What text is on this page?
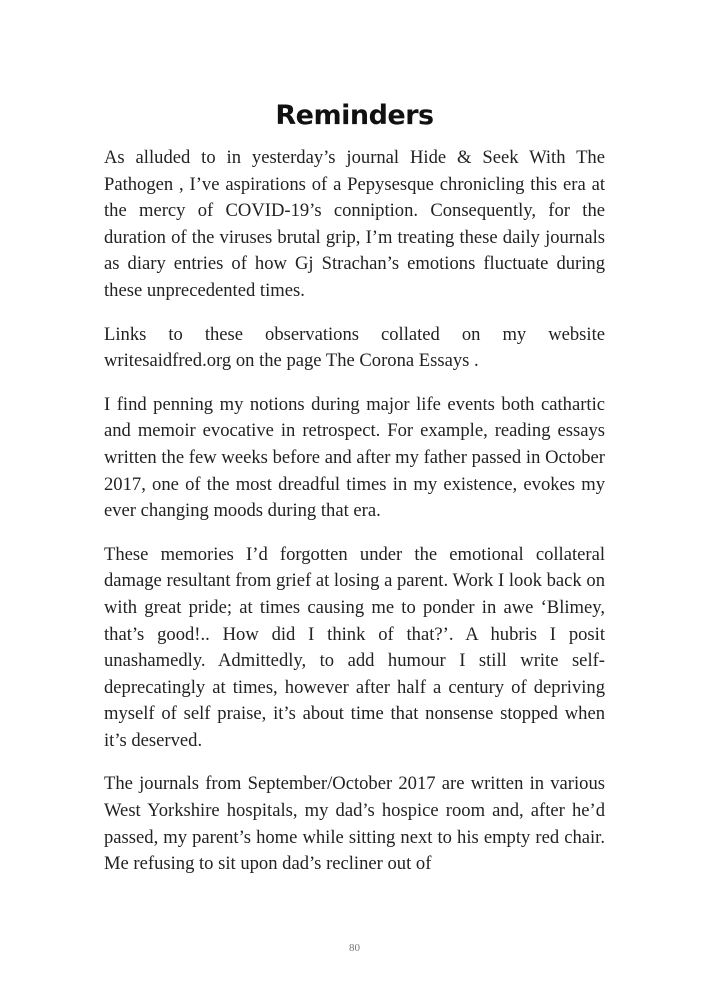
Reminders

As alluded to in yesterday’s journal Hide & Seek With The Pathogen , I’ve aspirations of a Pepysesque chronicling this era at the mercy of COVID-19’s conniption. Consequently, for the duration of the viruses brutal grip, I’m treating these daily journals as diary entries of how Gj Strachan’s emotions fluctuate during these unprecedented times.

Links to these observations collated on my website writesaidfred.org on the page The Corona Essays .

I find penning my notions during major life events both cathartic and memoir evocative in retrospect. For example, reading essays written the few weeks before and after my father passed in October 2017, one of the most dreadful times in my existence, evokes my ever changing moods during that era.

These memories I’d forgotten under the emotional collateral damage resultant from grief at losing a parent. Work I look back on with great pride; at times causing me to ponder in awe ‘Blimey, that’s good!.. How did I think of that?’. A hubris I posit unashamedly. Admittedly, to add humour I still write self-deprecatingly at times, however after half a century of depriving myself of self praise, it’s about time that nonsense stopped when it’s deserved.

The journals from September/October 2017 are written in various West Yorkshire hospitals, my dad’s hospice room and, after he’d passed, my parent’s home while sitting next to his empty red chair. Me refusing to sit upon dad’s recliner out of

80
